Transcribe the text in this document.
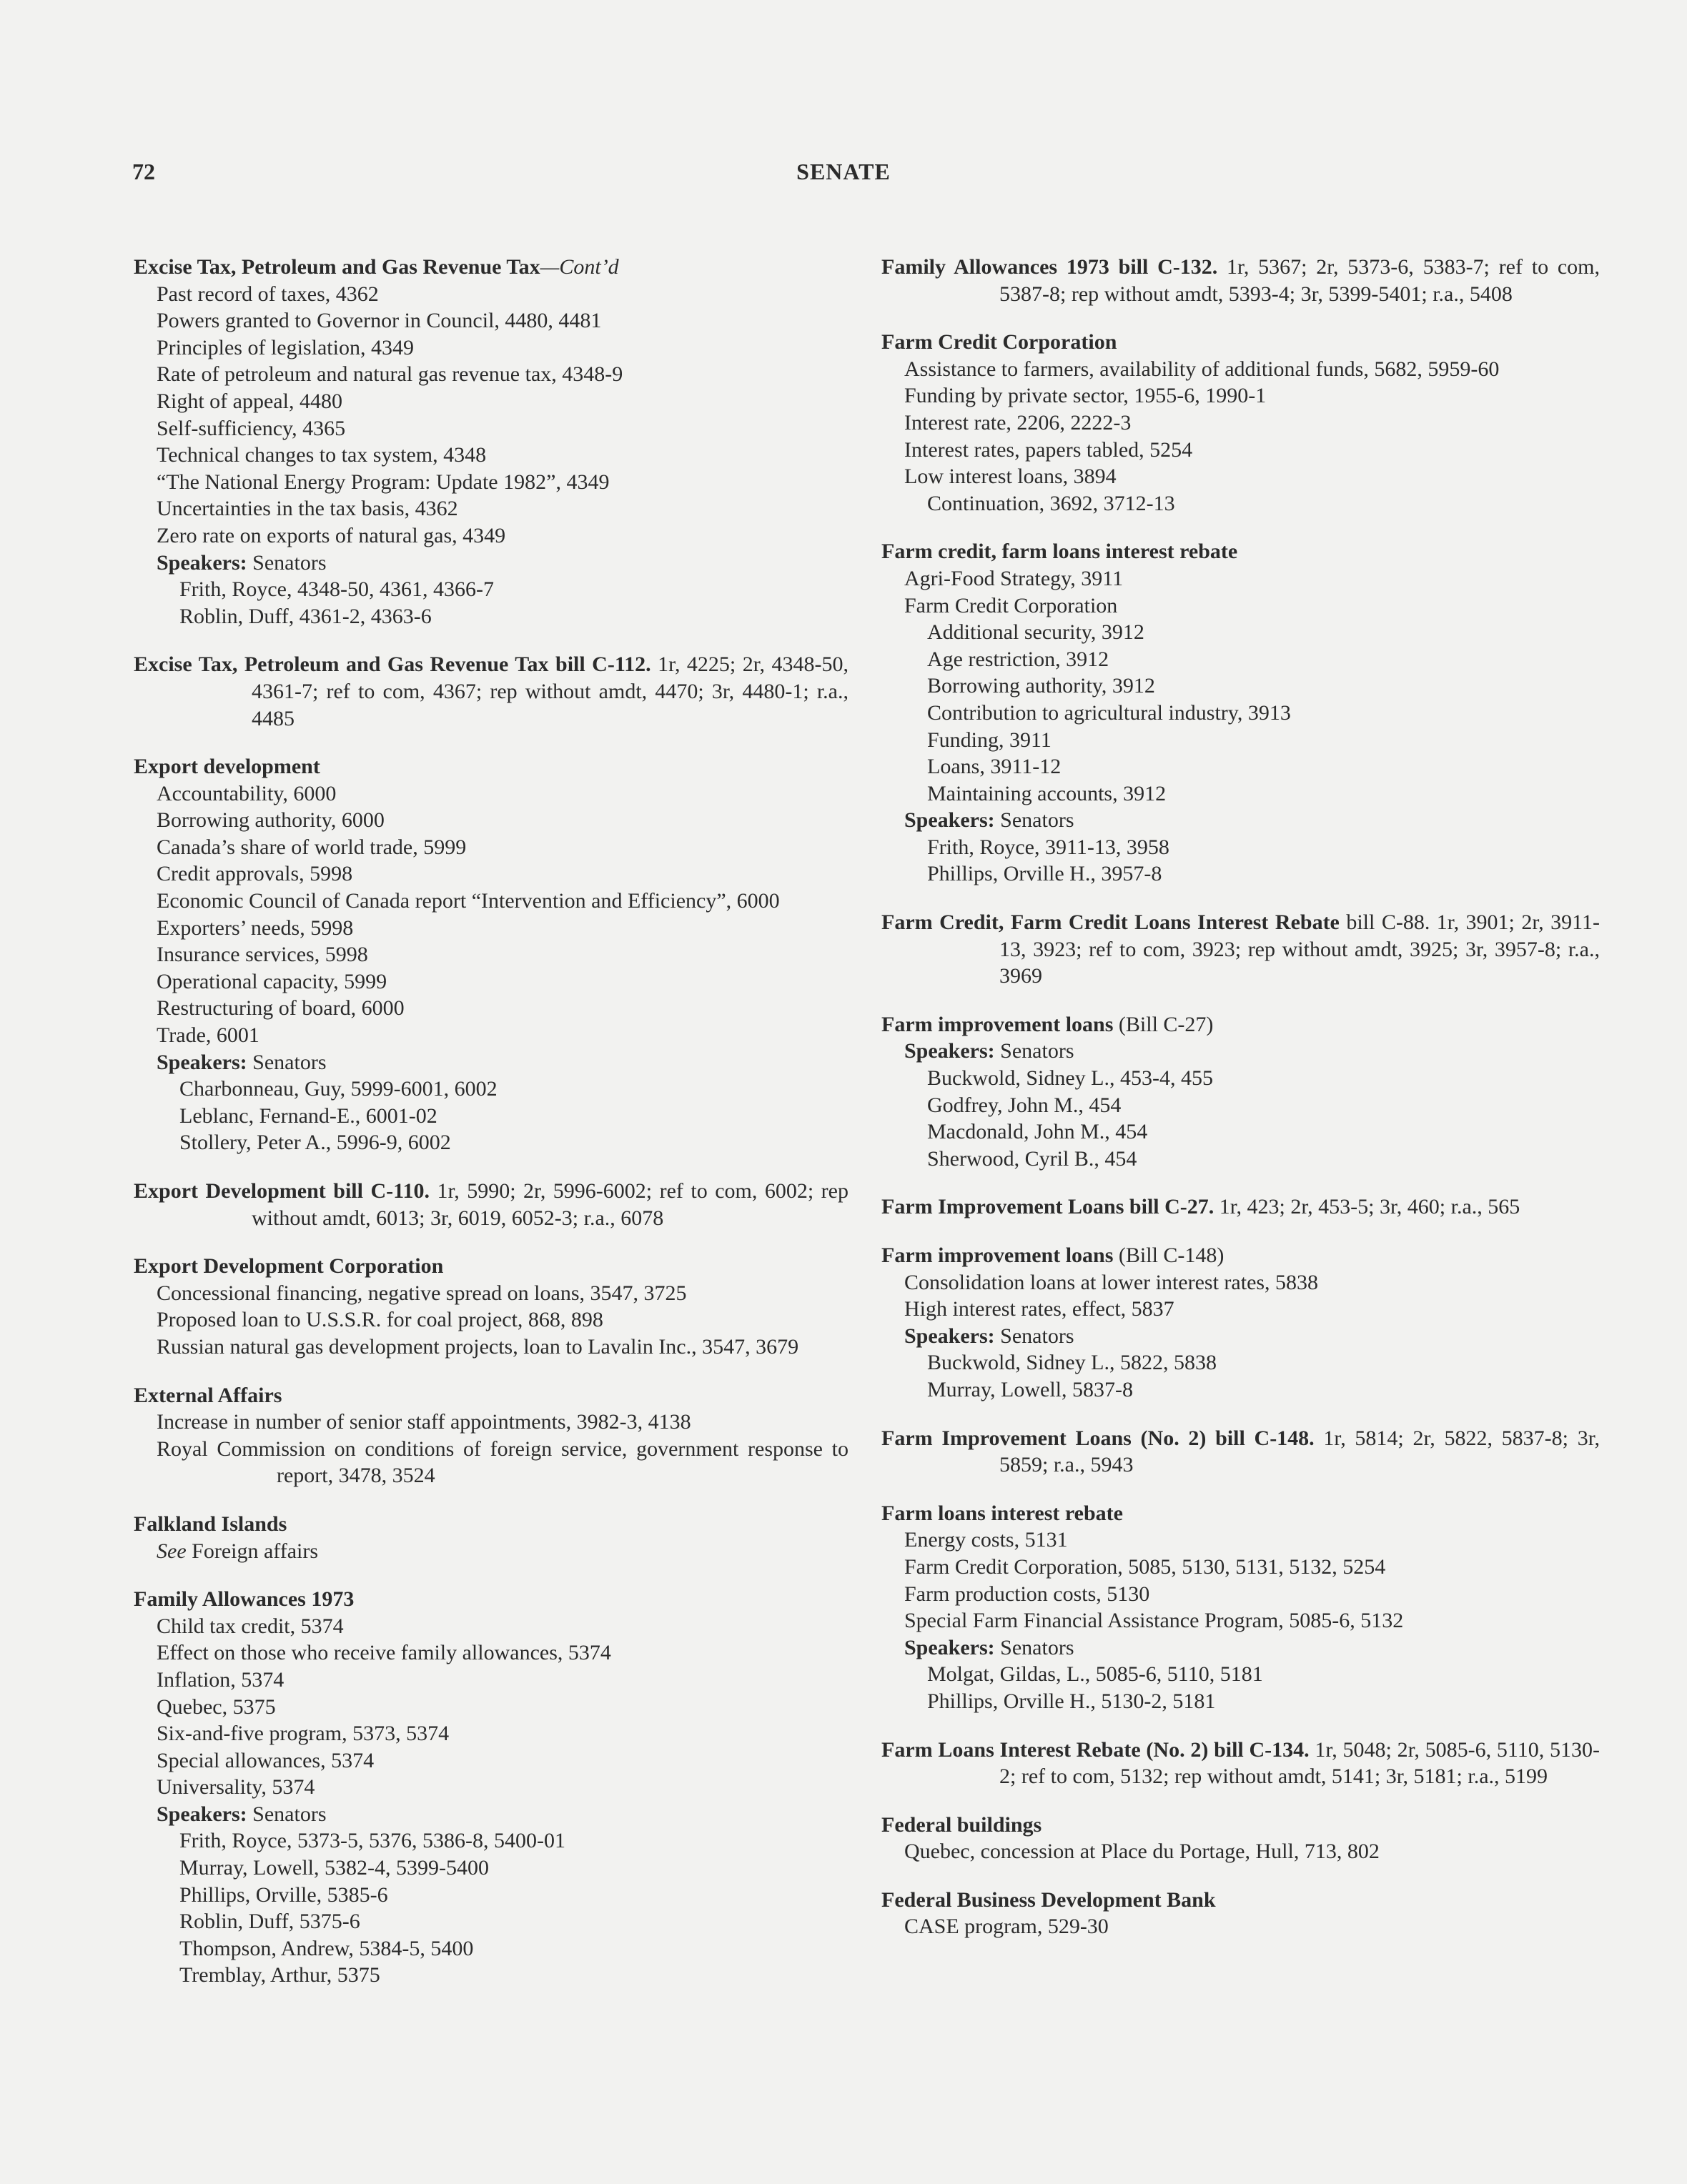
72	SENATE
Excise Tax, Petroleum and Gas Revenue Tax—Cont’d
Past record of taxes, 4362
Powers granted to Governor in Council, 4480, 4481
Principles of legislation, 4349
Rate of petroleum and natural gas revenue tax, 4348-9
Right of appeal, 4480
Self-sufficiency, 4365
Technical changes to tax system, 4348
“The National Energy Program: Update 1982”, 4349
Uncertainties in the tax basis, 4362
Zero rate on exports of natural gas, 4349
Speakers: Senators
Frith, Royce, 4348-50, 4361, 4366-7
Roblin, Duff, 4361-2, 4363-6
Excise Tax, Petroleum and Gas Revenue Tax bill C-112. 1r, 4225; 2r, 4348-50, 4361-7; ref to com, 4367; rep without amdt, 4470; 3r, 4480-1; r.a., 4485
Export development
Accountability, 6000
Borrowing authority, 6000
Canada’s share of world trade, 5999
Credit approvals, 5998
Economic Council of Canada report “Intervention and Efficiency”, 6000
Exporters’ needs, 5998
Insurance services, 5998
Operational capacity, 5999
Restructuring of board, 6000
Trade, 6001
Speakers: Senators
Charbonneau, Guy, 5999-6001, 6002
Leblanc, Fernand-E., 6001-02
Stollery, Peter A., 5996-9, 6002
Export Development bill C-110. 1r, 5990; 2r, 5996-6002; ref to com, 6002; rep without amdt, 6013; 3r, 6019, 6052-3; r.a., 6078
Export Development Corporation
Concessional financing, negative spread on loans, 3547, 3725
Proposed loan to U.S.S.R. for coal project, 868, 898
Russian natural gas development projects, loan to Lavalin Inc., 3547, 3679
External Affairs
Increase in number of senior staff appointments, 3982-3, 4138
Royal Commission on conditions of foreign service, government response to report, 3478, 3524
Falkland Islands
See Foreign affairs
Family Allowances 1973
Child tax credit, 5374
Effect on those who receive family allowances, 5374
Inflation, 5374
Quebec, 5375
Six-and-five program, 5373, 5374
Special allowances, 5374
Universality, 5374
Speakers: Senators
Frith, Royce, 5373-5, 5376, 5386-8, 5400-01
Murray, Lowell, 5382-4, 5399-5400
Phillips, Orville, 5385-6
Roblin, Duff, 5375-6
Thompson, Andrew, 5384-5, 5400
Tremblay, Arthur, 5375
Family Allowances 1973 bill C-132. 1r, 5367; 2r, 5373-6, 5383-7; ref to com, 5387-8; rep without amdt, 5393-4; 3r, 5399-5401; r.a., 5408
Farm Credit Corporation
Assistance to farmers, availability of additional funds, 5682, 5959-60
Funding by private sector, 1955-6, 1990-1
Interest rate, 2206, 2222-3
Interest rates, papers tabled, 5254
Low interest loans, 3894
Continuation, 3692, 3712-13
Farm credit, farm loans interest rebate
Agri-Food Strategy, 3911
Farm Credit Corporation
Additional security, 3912
Age restriction, 3912
Borrowing authority, 3912
Contribution to agricultural industry, 3913
Funding, 3911
Loans, 3911-12
Maintaining accounts, 3912
Speakers: Senators
Frith, Royce, 3911-13, 3958
Phillips, Orville H., 3957-8
Farm Credit, Farm Credit Loans Interest Rebate bill C-88. 1r, 3901; 2r, 3911-13, 3923; ref to com, 3923; rep without amdt, 3925; 3r, 3957-8; r.a., 3969
Farm improvement loans (Bill C-27)
Speakers: Senators
Buckwold, Sidney L., 453-4, 455
Godfrey, John M., 454
Macdonald, John M., 454
Sherwood, Cyril B., 454
Farm Improvement Loans bill C-27. 1r, 423; 2r, 453-5; 3r, 460; r.a., 565
Farm improvement loans (Bill C-148)
Consolidation loans at lower interest rates, 5838
High interest rates, effect, 5837
Speakers: Senators
Buckwold, Sidney L., 5822, 5838
Murray, Lowell, 5837-8
Farm Improvement Loans (No. 2) bill C-148. 1r, 5814; 2r, 5822, 5837-8; 3r, 5859; r.a., 5943
Farm loans interest rebate
Energy costs, 5131
Farm Credit Corporation, 5085, 5130, 5131, 5132, 5254
Farm production costs, 5130
Special Farm Financial Assistance Program, 5085-6, 5132
Speakers: Senators
Molgat, Gildas, L., 5085-6, 5110, 5181
Phillips, Orville H., 5130-2, 5181
Farm Loans Interest Rebate (No. 2) bill C-134. 1r, 5048; 2r, 5085-6, 5110, 5130-2; ref to com, 5132; rep without amdt, 5141; 3r, 5181; r.a., 5199
Federal buildings
Quebec, concession at Place du Portage, Hull, 713, 802
Federal Business Development Bank
CASE program, 529-30
